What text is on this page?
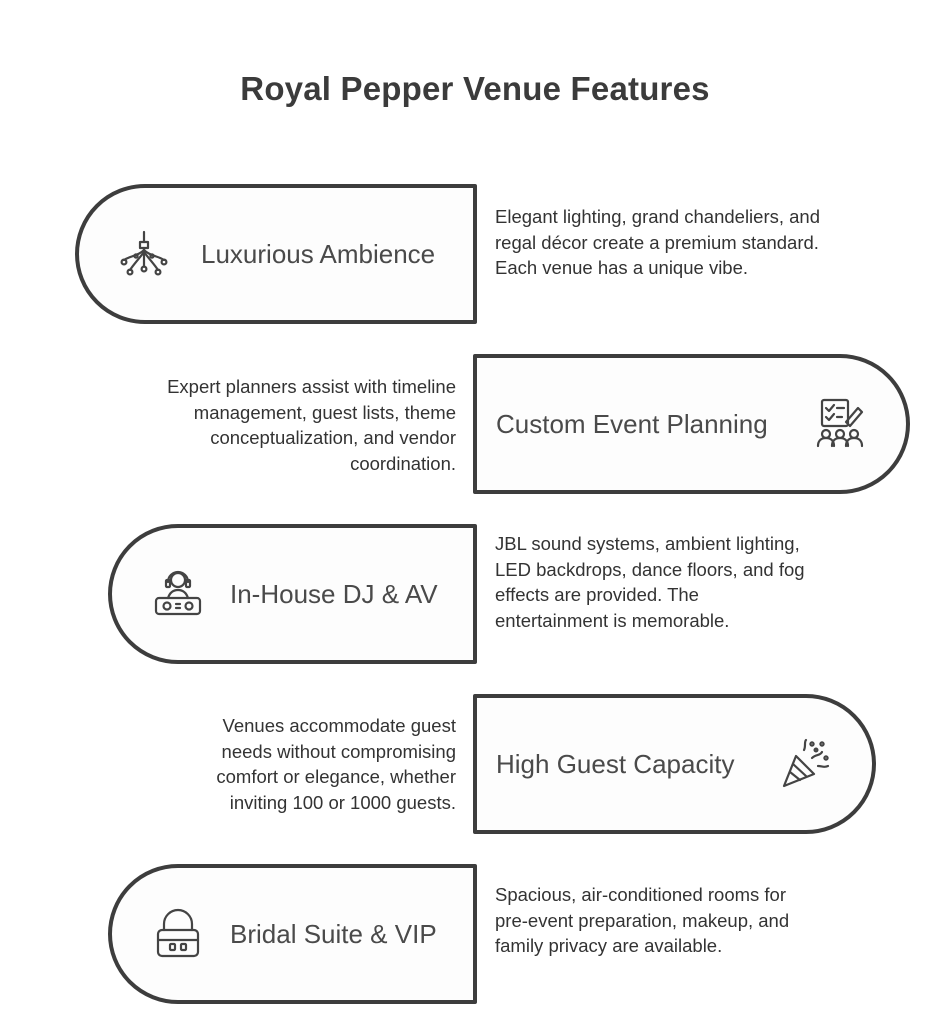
Royal Pepper Venue Features
Luxurious Ambience
Elegant lighting, grand chandeliers, and regal décor create a premium standard. Each venue has a unique vibe.
Expert planners assist with timeline management, guest lists, theme conceptualization, and vendor coordination.
Custom Event Planning
In-House DJ & AV
JBL sound systems, ambient lighting, LED backdrops, dance floors, and fog effects are provided. The entertainment is memorable.
Venues accommodate guest needs without compromising comfort or elegance, whether inviting 100 or 1000 guests.
High Guest Capacity
Bridal Suite & VIP
Spacious, air-conditioned rooms for pre-event preparation, makeup, and family privacy are available.
